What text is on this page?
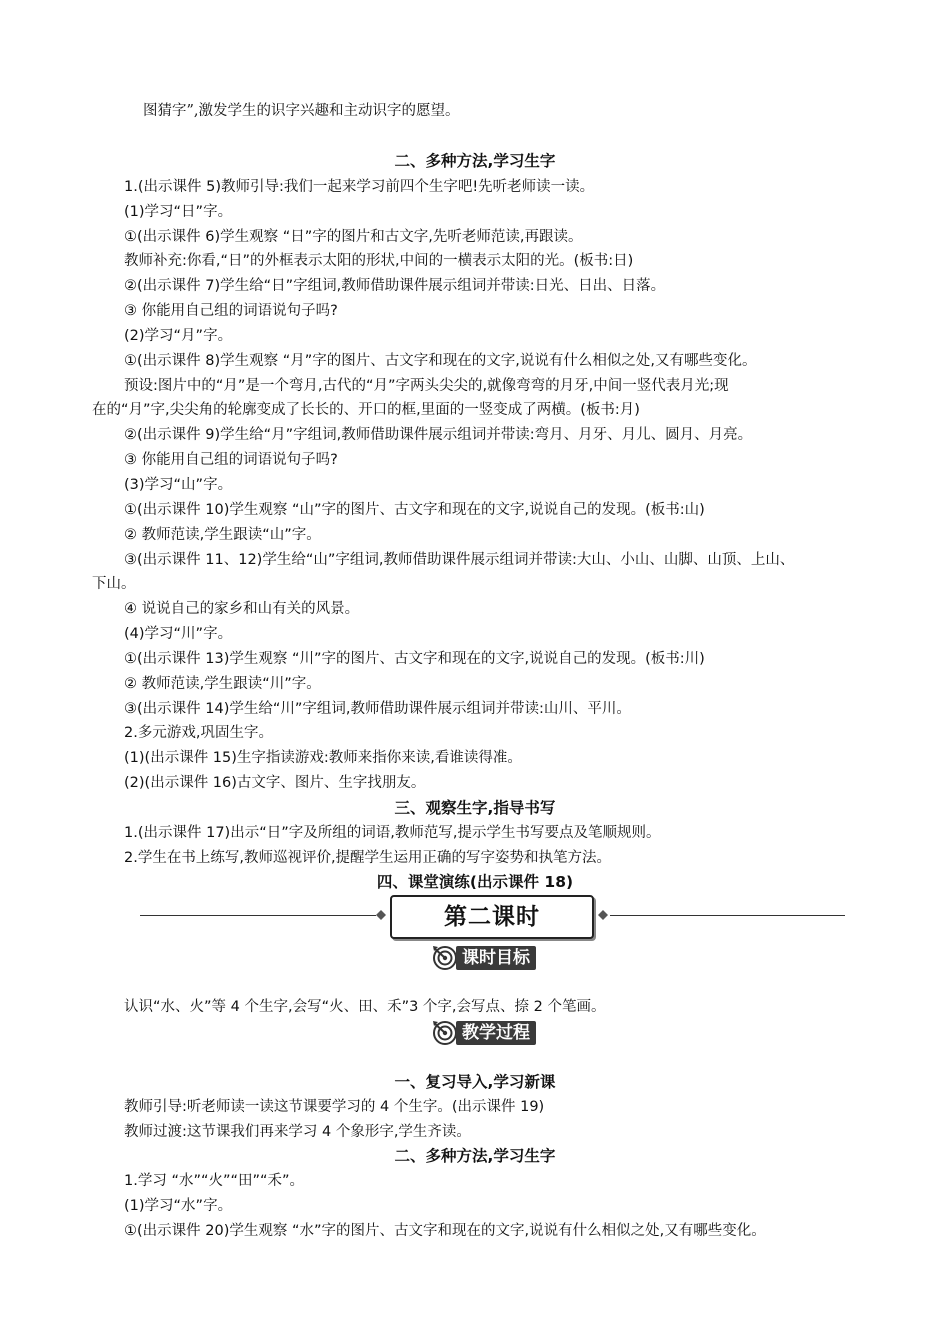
图猜字”,激发学生的识字兴趣和主动识字的愿望。
二、多种方法,学习生字
1.(出示课件 5)教师引导:我们一起来学习前四个生字吧!先听老师读一读。
(1)学习“日”字。
①(出示课件 6)学生观察 “日”字的图片和古文字,先听老师范读,再跟读。
教师补充:你看,“日”的外框表示太阳的形状,中间的一横表示太阳的光。(板书:日)
②(出示课件 7)学生给“日”字组词,教师借助课件展示组词并带读:日光、日出、日落。
③ 你能用自己组的词语说句子吗?
(2)学习“月”字。
①(出示课件 8)学生观察 “月”字的图片、古文字和现在的文字,说说有什么相似之处,又有哪些变化。
预设:图片中的“月”是一个弯月,古代的“月”字两头尖尖的,就像弯弯的月牙,中间一竖代表月光;现
在的“月”字,尖尖角的轮廓变成了长长的、开口的框,里面的一竖变成了两横。(板书:月)
②(出示课件 9)学生给“月”字组词,教师借助课件展示组词并带读:弯月、月牙、月儿、圆月、月亮。
③ 你能用自己组的词语说句子吗?
(3)学习“山”字。
①(出示课件 10)学生观察 “山”字的图片、古文字和现在的文字,说说自己的发现。(板书:山)
② 教师范读,学生跟读“山”字。
③(出示课件 11、12)学生给“山”字组词,教师借助课件展示组词并带读:大山、小山、山脚、山顶、上山、
下山。
④ 说说自己的家乡和山有关的风景。
(4)学习“川”字。
①(出示课件 13)学生观察 “川”字的图片、古文字和现在的文字,说说自己的发现。(板书:川)
② 教师范读,学生跟读“川”字。
③(出示课件 14)学生给“川”字组词,教师借助课件展示组词并带读:山川、平川。
2.多元游戏,巩固生字。
(1)(出示课件 15)生字指读游戏:教师来指你来读,看谁读得准。
(2)(出示课件 16)古文字、图片、生字找朋友。
三、观察生字,指导书写
1.(出示课件 17)出示“日”字及所组的词语,教师范写,提示学生书写要点及笔顺规则。
2.学生在书上练写,教师巡视评价,提醒学生运用正确的写字姿势和执笔方法。
四、课堂演练(出示课件 18)
第二课时
课时目标
认识“水、火”等 4 个生字,会写“火、田、禾”3 个字,会写点、捺 2 个笔画。
教学过程
一、复习导入,学习新课
教师引导:听老师读一读这节课要学习的 4 个生字。(出示课件 19)
教师过渡:这节课我们再来学习 4 个象形字,学生齐读。
二、多种方法,学习生字
1.学习 “水”“火”“田”“禾”。
(1)学习“水”字。
①(出示课件 20)学生观察 “水”字的图片、古文字和现在的文字,说说有什么相似之处,又有哪些变化。
